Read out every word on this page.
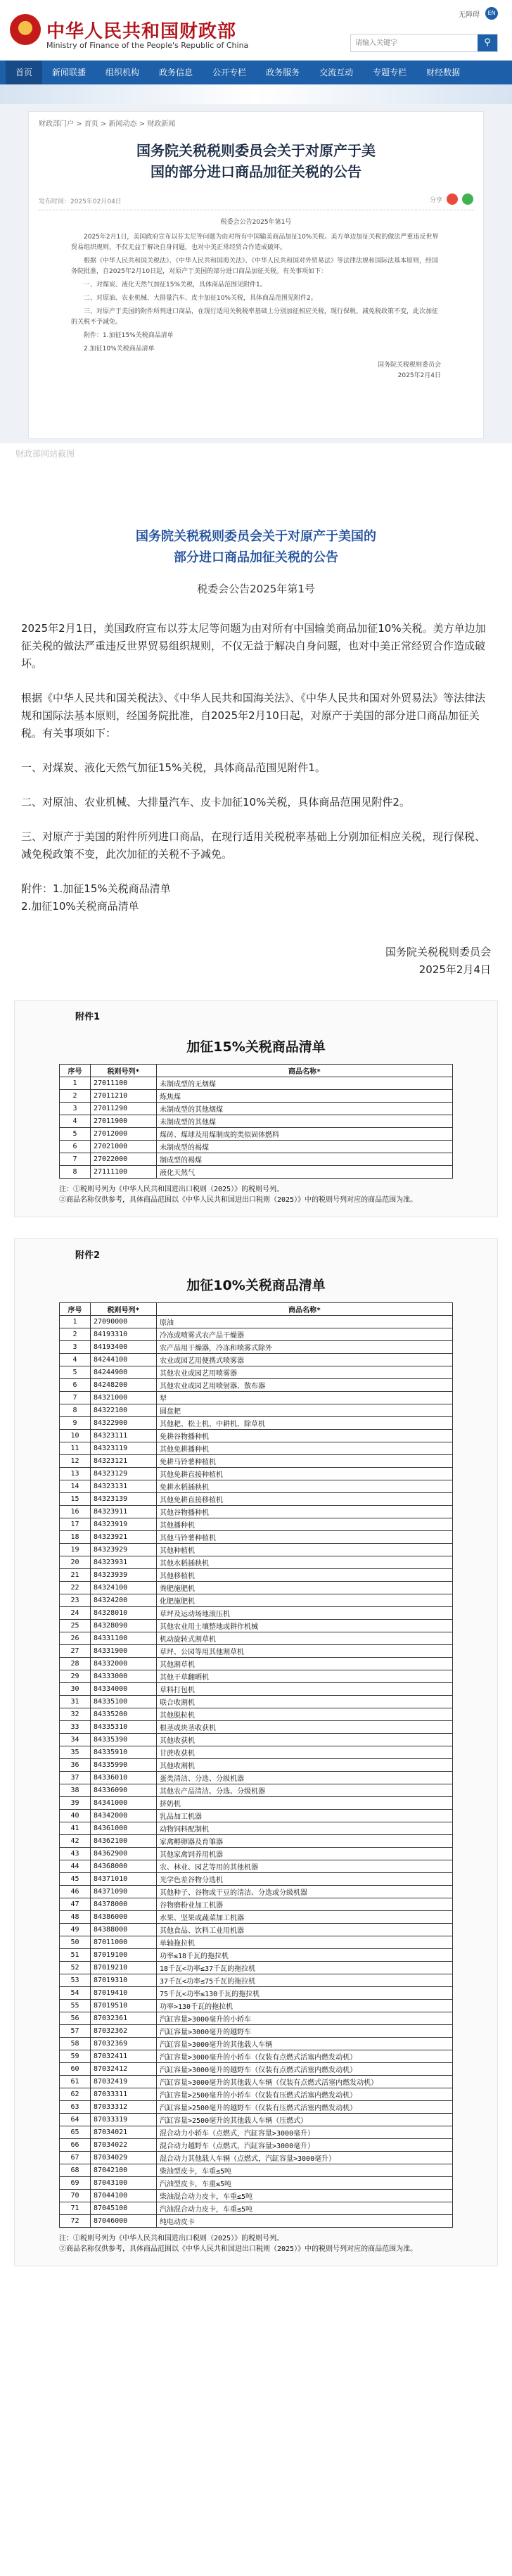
中华人民共和国财政部
Ministry of Finance of the People's Republic of China
无障碍	EN
请输入关键字
⚲
首页	新闻联播	组织机构	政务信息	公开专栏	政务服务	交流互动	专题专栏	财经数据
财政部门户 > 首页 > 新闻动态 > 财政新闻
国务院关税税则委员会关于对原产于美国的部分进口商品加征关税的公告
发布时间：2025年02月04日	分享
税委会公告2025年第1号

2025年2月1日，美国政府宣布以芬太尼等问题为由对所有中国输美商品加征10%关税。美方单边加征关税的做法严重违反世界贸易组织规则，不仅无益于解决自身问题，也对中美正常经贸合作造成破坏。

根据《中华人民共和国关税法》、《中华人民共和国海关法》、《中华人民共和国对外贸易法》等法律法规和国际法基本原则，经国务院批准，自2025年2月10日起，对原产于美国的部分进口商品加征关税。有关事项如下：

一、对煤炭、液化天然气加征15%关税，具体商品范围见附件1。

二、对原油、农业机械、大排量汽车、皮卡加征10%关税，具体商品范围见附件2。

三、对原产于美国的附件所列进口商品，在现行适用关税税率基础上分别加征相应关税，现行保税、减免税政策不变，此次加征的关税不予减免。

附件：1.加征15%关税商品清单

2.加征10%关税商品清单

国务院关税税则委员会
2025年2月4日
财政部网站截图
国务院关税税则委员会关于对原产于美国的
部分进口商品加征关税的公告
税委会公告2025年第1号

2025年2月1日，美国政府宣布以芬太尼等问题为由对所有中国输美商品加征10%关税。美方单边加征关税的做法严重违反世界贸易组织规则，不仅无益于解决自身问题，也对中美正常经贸合作造成破坏。

根据《中华人民共和国关税法》、《中华人民共和国海关法》、《中华人民共和国对外贸易法》等法律法规和国际法基本原则，经国务院批准，自2025年2月10日起，对原产于美国的部分进口商品加征关税。有关事项如下：

一、对煤炭、液化天然气加征15%关税，具体商品范围见附件1。

二、对原油、农业机械、大排量汽车、皮卡加征10%关税，具体商品范围见附件2。

三、对原产于美国的附件所列进口商品，在现行适用关税税率基础上分别加征相应关税，现行保税、减免税政策不变，此次加征的关税不予减免。

附件：1.加征15%关税商品清单

2.加征10%关税商品清单

国务院关税税则委员会
2025年2月4日
附件1
加征15%关税商品清单
序号	税则号列*	商品名称*
1	27011100	未制成型的无烟煤
2	27011210	炼焦煤
3	27011290	未制成型的其他烟煤
4	27011900	未制成型的其他煤
5	27012000	煤砖、煤球及用煤制成的类似固体燃料
6	27021000	未制成型的褐煤
7	27022000	制成型的褐煤
8	27111100	液化天然气
注：①税则号列为《中华人民共和国进出口税则（2025）》的税则号列。
②商品名称仅供参考，具体商品范围以《中华人民共和国进出口税则（2025）》中的税则号列对应的商品范围为准。
附件2
加征10%关税商品清单
序号	税则号列*	商品名称*
1	27090000	原油
2	84193310	冷冻或喷雾式农产品干燥器
3	84193400	农产品用干燥器，冷冻和喷雾式除外
4	84244100	农业或园艺用便携式喷雾器
5	84244900	其他农业或园艺用喷雾器
6	84248200	其他农业或园艺用喷射器、散布器
7	84321000	犁
8	84322100	圆盘耙
9	84322900	其他耙、松土机、中耕机、除草机
10	84323111	免耕谷物播种机
11	84323119	其他免耕播种机
12	84323121	免耕马铃薯种植机
13	84323129	其他免耕直接种植机
14	84323131	免耕水稻插秧机
15	84323139	其他免耕直接移植机
16	84323911	其他谷物播种机
17	84323919	其他播种机
18	84323921	其他马铃薯种植机
19	84323929	其他种植机
20	84323931	其他水稻插秧机
21	84323939	其他移植机
22	84324100	粪肥施肥机
23	84324200	化肥施肥机
24	84328010	草坪及运动场地滚压机
25	84328090	其他农业用土壤整地或耕作机械
26	84331100	机动旋转式割草机
27	84331900	草坪、公园等用其他割草机
28	84332000	其他割草机
29	84333000	其他干草翻晒机
30	84334000	草料打包机
31	84335100	联合收割机
32	84335200	其他脱粒机
33	84335310	根茎或块茎收获机
34	84335390	其他收获机
35	84335910	甘蔗收获机
36	84335990	其他收割机
37	84336010	蛋类清洁、分选、分级机器
38	84336090	其他农产品清洁、分选、分级机器
39	84341000	挤奶机
40	84342000	乳品加工机器
41	84361000	动物饲料配制机
42	84362100	家禽孵卵器及育雏器
43	84362900	其他家禽饲养用机器
44	84368000	农、林业、园艺等用的其他机器
45	84371010	光学色差谷物分选机
46	84371090	其他种子、谷物或干豆的清洁、分选或分级机器
47	84378000	谷物磨粉业加工机器
48	84386000	水果、坚果或蔬菜加工机器
49	84388000	其他食品、饮料工业用机器
50	87011000	单轴拖拉机
51	87019100	功率≤18千瓦的拖拉机
52	87019210	18千瓦<功率≤37千瓦的拖拉机
53	87019310	37千瓦<功率≤75千瓦的拖拉机
54	87019410	75千瓦<功率≤130千瓦的拖拉机
55	87019510	功率>130千瓦的拖拉机
56	87032361	汽缸容量>3000毫升的小轿车
57	87032362	汽缸容量>3000毫升的越野车
58	87032369	汽缸容量>3000毫升的其他载人车辆
59	87032411	汽缸容量>3000毫升的小轿车（仅装有点燃式活塞内燃发动机）
60	87032412	汽缸容量>3000毫升的越野车（仅装有点燃式活塞内燃发动机）
61	87032419	汽缸容量>3000毫升的其他载人车辆（仅装有点燃式活塞内燃发动机）
62	87033311	汽缸容量>2500毫升的小轿车（仅装有压燃式活塞内燃发动机）
63	87033312	汽缸容量>2500毫升的越野车（仅装有压燃式活塞内燃发动机）
64	87033319	汽缸容量>2500毫升的其他载人车辆（压燃式）
65	87034021	混合动力小轿车（点燃式，汽缸容量>3000毫升）
66	87034022	混合动力越野车（点燃式，汽缸容量>3000毫升）
67	87034029	混合动力其他载人车辆（点燃式，汽缸容量>3000毫升）
68	87042100	柴油型皮卡，车重≤5吨
69	87043100	汽油型皮卡，车重≤5吨
70	87044100	柴油混合动力皮卡，车重≤5吨
71	87045100	汽油混合动力皮卡，车重≤5吨
72	87046000	纯电动皮卡
注：①税则号列为《中华人民共和国进出口税则（2025）》的税则号列。
②商品名称仅供参考，具体商品范围以《中华人民共和国进出口税则（2025）》中的税则号列对应的商品范围为准。
